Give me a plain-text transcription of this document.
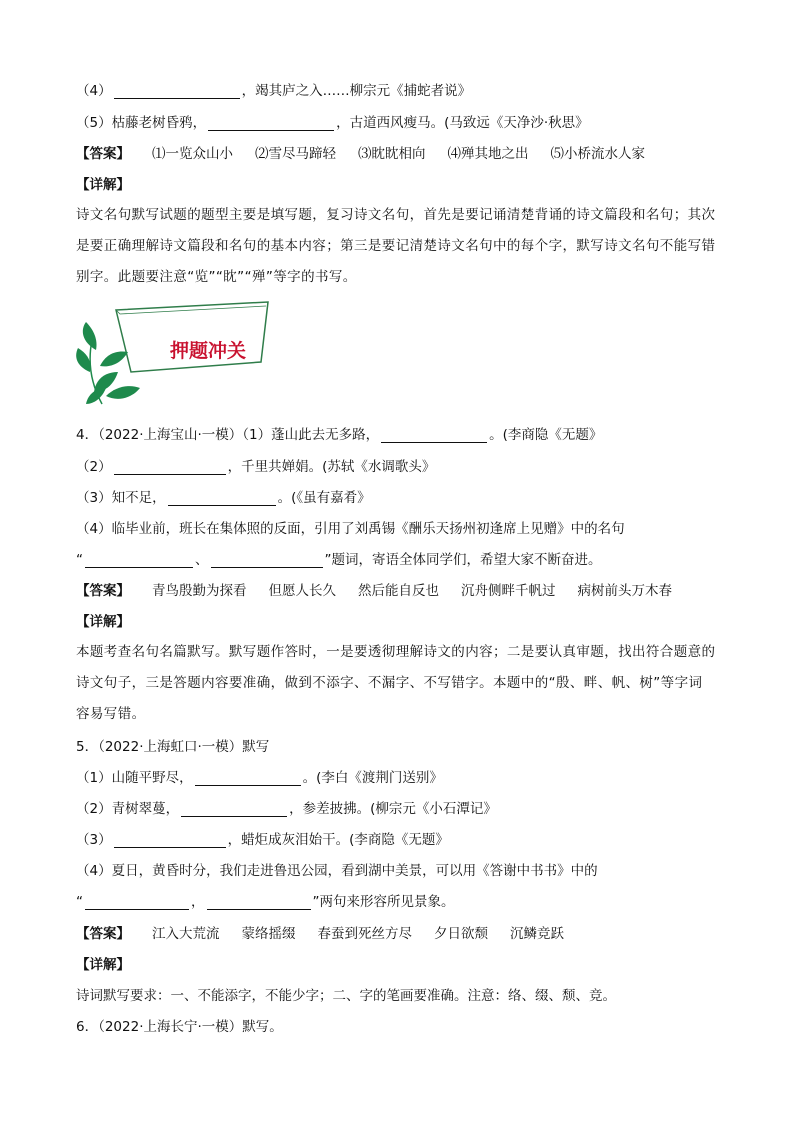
（4）	，竭其庐之入……柳宗元《捕蛇者说》
（5）枯藤老树昏鸦，	，古道西风瘦马。(马致远《天净沙·秋思》
【答案】 ⑴一览众山小 ⑵雪尽马蹄轻 ⑶眈眈相向 ⑷殚其地之出 ⑸小桥流水人家
【详解】
诗文名句默写试题的题型主要是填写题，复习诗文名句，首先是要记诵清楚背诵的诗文篇段和名句；其次是要正确理解诗文篇段和名句的基本内容；第三是要记清楚诗文名句中的每个字，默写诗文名句不能写错别字。此题要注意“览”“眈”“殚”等字的书写。
押题冲关
4．（2022·上海宝山·一模）（1）蓬山此去无多路，	。(李商隐《无题》
（2）	，千里共婵娟。(苏轼《水调歌头》
（3）知不足，	。(《虽有嘉肴》
（4）临毕业前，班长在集体照的反面，引用了刘禹锡《酬乐天扬州初逢席上见赠》中的名句
“	、	”题词，寄语全体同学们，希望大家不断奋进。
【答案】 青鸟殷勤为探看 但愿人长久 然后能自反也 沉舟侧畔千帆过 病树前头万木春
【详解】
本题考查名句名篇默写。默写题作答时，一是要透彻理解诗文的内容；二是要认真审题，找出符合题意的诗文句子，三是答题内容要准确，做到不添字、不漏字、不写错字。本题中的“殷、畔、帆、树”等字词容易写错。
5．（2022·上海虹口·一模）默写
（1）山随平野尽，	。(李白《渡荆门送别》
（2）青树翠蔓，	，参差披拂。(柳宗元《小石潭记》
（3）	，蜡炬成灰泪始干。(李商隐《无题》
（4）夏日，黄昏时分，我们走进鲁迅公园，看到湖中美景，可以用《答谢中书书》中的
“	，	”两句来形容所见景象。
【答案】 江入大荒流 蒙络摇缀 春蚕到死丝方尽 夕日欲颓 沉鳞竞跃
【详解】
诗词默写要求：一、不能添字，不能少字；二、字的笔画要准确。注意：络、缀、颓、竞。
6．（2022·上海长宁·一模）默写。
